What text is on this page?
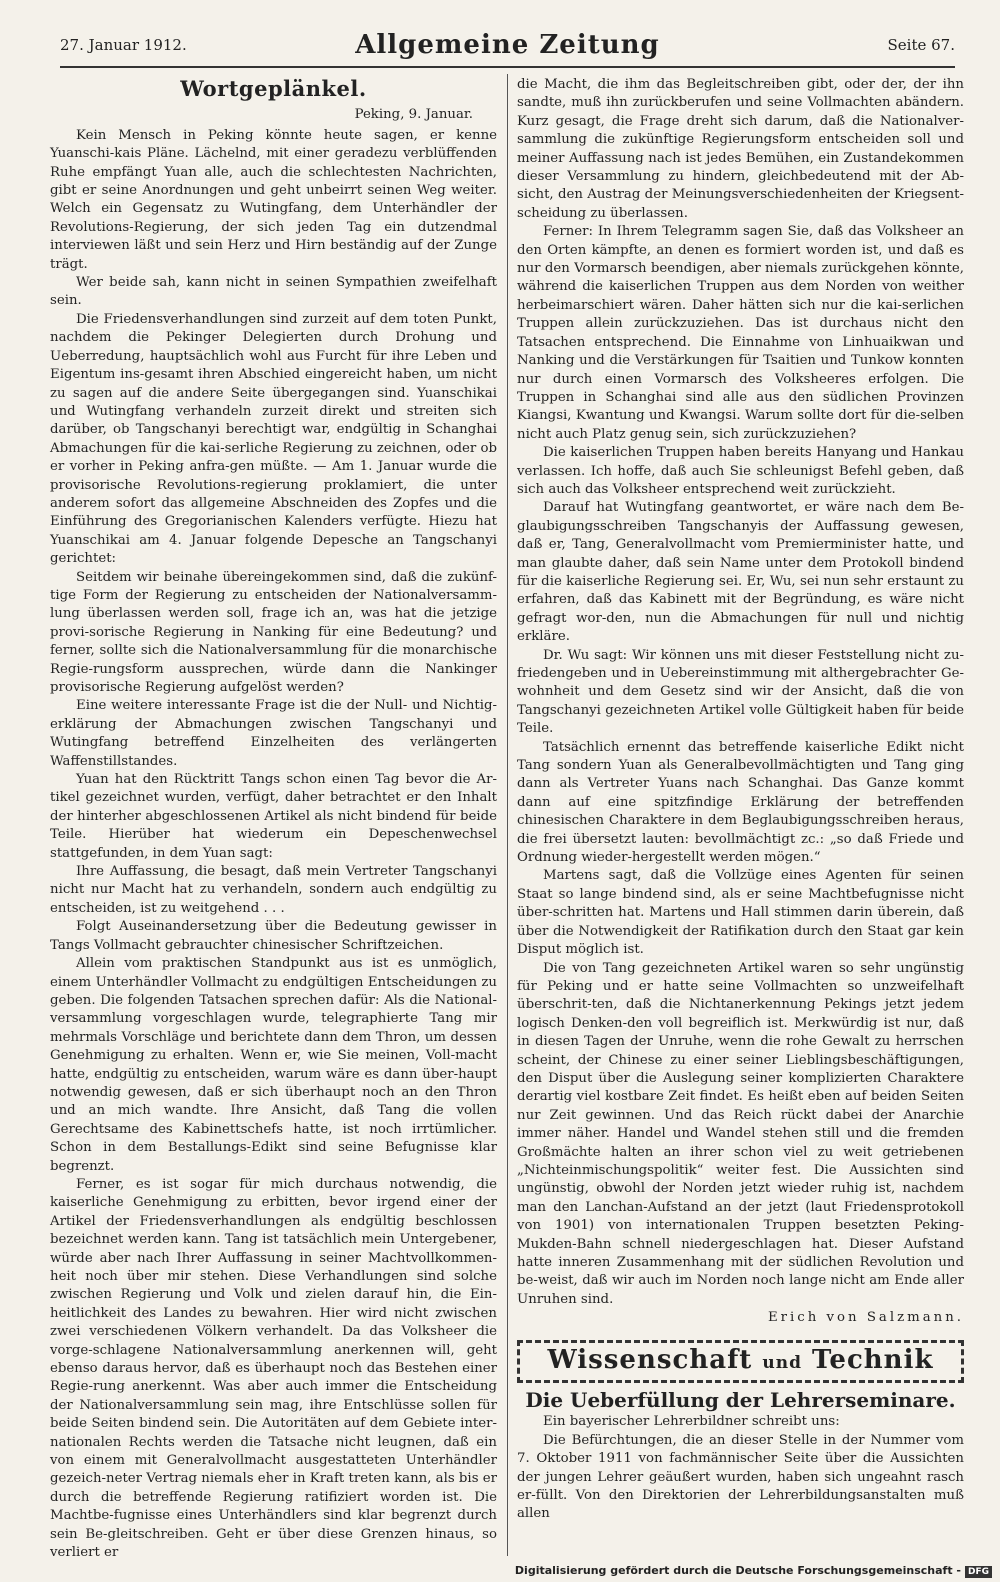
27. Januar 1912.	Allgemeine Zeitung	Seite 67.
Wortgeplänkel.
Peking, 9. Januar.

Kein Mensch in Peking könnte heute sagen, er kenne Yuanschi-kais Pläne. Lächelnd, mit einer geradezu verblüffenden Ruhe empfängt Yuan alle, auch die schlechtesten Nachrichten, gibt er seine Anordnungen und geht unbeirrt seinen Weg weiter. Welch ein Gegensatz zu Wutingfang, dem Unterhändler der Revolutions-Regierung, der sich jeden Tag ein dutzendmal interviewen läßt und sein Herz und Hirn beständig auf der Zunge trägt.

Wer beide sah, kann nicht in seinen Sympathien zweifelhaft sein.

Die Friedensverhandlungen sind zurzeit auf dem toten Punkt, nachdem die Pekinger Delegierten durch Drohung und Ueberredung, hauptsächlich wohl aus Furcht für ihre Leben und Eigentum ins-gesamt ihren Abschied eingereicht haben, um nicht zu sagen auf die andere Seite übergegangen sind. Yuanschikai und Wutingfang verhandeln zurzeit direkt und streiten sich darüber, ob Tangschanyi berechtigt war, endgültig in Schanghai Abmachungen für die kai-serliche Regierung zu zeichnen, oder ob er vorher in Peking anfra-gen müßte. — Am 1. Januar wurde die provisorische Revolutions-regierung proklamiert, die unter anderem sofort das allgemeine Abschneiden des Zopfes und die Einführung des Gregorianischen Kalenders verfügte. Hiezu hat Yuanschikai am 4. Januar folgende Depesche an Tangschanyi gerichtet:

Seitdem wir beinahe übereingekommen sind, daß die zukünf-tige Form der Regierung zu entscheiden der Nationalversamm-lung überlassen werden soll, frage ich an, was hat die jetzige provi-sorische Regierung in Nanking für eine Bedeutung? und ferner, sollte sich die Nationalversammlung für die monarchische Regie-rungsform aussprechen, würde dann die Nankinger provisorische Regierung aufgelöst werden?

Eine weitere interessante Frage ist die der Null- und Nichtig-erklärung der Abmachungen zwischen Tangschanyi und Wutingfang betreffend Einzelheiten des verlängerten Waffenstillstandes.

Yuan hat den Rücktritt Tangs schon einen Tag bevor die Ar-tikel gezeichnet wurden, verfügt, daher betrachtet er den Inhalt der hinterher abgeschlossenen Artikel als nicht bindend für beide Teile. Hierüber hat wiederum ein Depeschenwechsel stattgefunden, in dem Yuan sagt:

Ihre Auffassung, die besagt, daß mein Vertreter Tangschanyi nicht nur Macht hat zu verhandeln, sondern auch endgültig zu entscheiden, ist zu weitgehend . . .

Folgt Auseinandersetzung über die Bedeutung gewisser in Tangs Vollmacht gebrauchter chinesischer Schriftzeichen.

Allein vom praktischen Standpunkt aus ist es unmöglich, einem Unterhändler Vollmacht zu endgültigen Entscheidungen zu geben. Die folgenden Tatsachen sprechen dafür: Als die National-versammlung vorgeschlagen wurde, telegraphierte Tang mir mehrmals Vorschläge und berichtete dann dem Thron, um dessen Genehmigung zu erhalten. Wenn er, wie Sie meinen, Voll-macht hatte, endgültig zu entscheiden, warum wäre es dann über-haupt notwendig gewesen, daß er sich überhaupt noch an den Thron und an mich wandte. Ihre Ansicht, daß Tang die vollen Gerechtsame des Kabinettschefs hatte, ist noch irrtümlicher. Schon in dem Bestallungs-Edikt sind seine Befugnisse klar begrenzt.

Ferner, es ist sogar für mich durchaus notwendig, die kaiserliche Genehmigung zu erbitten, bevor irgend einer der Artikel der Friedensverhandlungen als endgültig beschlossen bezeichnet werden kann. Tang ist tatsächlich mein Untergebener, würde aber nach Ihrer Auffassung in seiner Machtvollkommen-heit noch über mir stehen. Diese Verhandlungen sind solche zwischen Regierung und Volk und zielen darauf hin, die Ein-heitlichkeit des Landes zu bewahren. Hier wird nicht zwischen zwei verschiedenen Völkern verhandelt. Da das Volksheer die vorge-schlagene Nationalversammlung anerkennen will, geht ebenso daraus hervor, daß es überhaupt noch das Bestehen einer Regie-rung anerkennt. Was aber auch immer die Entscheidung der Nationalversammlung sein mag, ihre Entschlüsse sollen für beide Seiten bindend sein. Die Autoritäten auf dem Gebiete inter-nationalen Rechts werden die Tatsache nicht leugnen, daß ein von einem mit Generalvollmacht ausgestatteten Unterhändler gezeich-neter Vertrag niemals eher in Kraft treten kann, als bis er durch die betreffende Regierung ratifiziert worden ist. Die Machtbe-fugnisse eines Unterhändlers sind klar begrenzt durch sein Be-gleitschreiben. Geht er über diese Grenzen hinaus, so verliert er

die Macht, die ihm das Begleitschreiben gibt, oder der, der ihn sandte, muß ihn zurückberufen und seine Vollmachten abändern. Kurz gesagt, die Frage dreht sich darum, daß die Nationalver-sammlung die zukünftige Regierungsform entscheiden soll und meiner Auffassung nach ist jedes Bemühen, ein Zustandekommen dieser Versammlung zu hindern, gleichbedeutend mit der Ab-sicht, den Austrag der Meinungsverschiedenheiten der Kriegsent-scheidung zu überlassen.

Ferner: In Ihrem Telegramm sagen Sie, daß das Volksheer an den Orten kämpfte, an denen es formiert worden ist, und daß es nur den Vormarsch beendigen, aber niemals zurückgehen könnte, während die kaiserlichen Truppen aus dem Norden von weither herbeimarschiert wären. Daher hätten sich nur die kai-serlichen Truppen allein zurückzuziehen. Das ist durchaus nicht den Tatsachen entsprechend. Die Einnahme von Linhuaikwan und Nanking und die Verstärkungen für Tsaitien und Tunkow konnten nur durch einen Vormarsch des Volksheeres erfolgen. Die Truppen in Schanghai sind alle aus den südlichen Provinzen Kiangsi, Kwantung und Kwangsi. Warum sollte dort für die-selben nicht auch Platz genug sein, sich zurückzuziehen?

Die kaiserlichen Truppen haben bereits Hanyang und Hankau verlassen. Ich hoffe, daß auch Sie schleunigst Befehl geben, daß sich auch das Volksheer entsprechend weit zurückzieht.

Darauf hat Wutingfang geantwortet, er wäre nach dem Be-glaubigungsschreiben Tangschanyis der Auffassung gewesen, daß er, Tang, Generalvollmacht vom Premierminister hatte, und man glaubte daher, daß sein Name unter dem Protokoll bindend für die kaiserliche Regierung sei. Er, Wu, sei nun sehr erstaunt zu erfahren, daß das Kabinett mit der Begründung, es wäre nicht gefragt wor-den, nun die Abmachungen für null und nichtig erkläre.

Dr. Wu sagt: Wir können uns mit dieser Feststellung nicht zu-friedengeben und in Uebereinstimmung mit althergebrachter Ge-wohnheit und dem Gesetz sind wir der Ansicht, daß die von Tangschanyi gezeichneten Artikel volle Gültigkeit haben für beide Teile.

Tatsächlich ernennt das betreffende kaiserliche Edikt nicht Tang sondern Yuan als Generalbevollmächtigten und Tang ging dann als Vertreter Yuans nach Schanghai. Das Ganze kommt dann auf eine spitzfindige Erklärung der betreffenden chinesischen Charaktere in dem Beglaubigungsschreiben heraus, die frei übersetzt lauten: bevollmächtigt zc.: „so daß Friede und Ordnung wieder-hergestellt werden mögen.“

Martens sagt, daß die Vollzüge eines Agenten für seinen Staat so lange bindend sind, als er seine Machtbefugnisse nicht über-schritten hat. Martens und Hall stimmen darin überein, daß über die Notwendigkeit der Ratifikation durch den Staat gar kein Disput möglich ist.

Die von Tang gezeichneten Artikel waren so sehr ungünstig für Peking und er hatte seine Vollmachten so unzweifelhaft überschrit-ten, daß die Nichtanerkennung Pekings jetzt jedem logisch Denken-den voll begreiflich ist. Merkwürdig ist nur, daß in diesen Tagen der Unruhe, wenn die rohe Gewalt zu herrschen scheint, der Chinese zu einer seiner Lieblingsbeschäftigungen, den Disput über die Auslegung seiner komplizierten Charaktere derartig viel kostbare Zeit findet. Es heißt eben auf beiden Seiten nur Zeit gewinnen. Und das Reich rückt dabei der Anarchie immer näher. Handel und Wandel stehen still und die fremden Großmächte halten an ihrer schon viel zu weit getriebenen „Nichteinmischungspolitik“ weiter fest. Die Aussichten sind ungünstig, obwohl der Norden jetzt wieder ruhig ist, nachdem man den Lanchan-Aufstand an der jetzt (laut Friedensprotokoll von 1901) von internationalen Truppen besetzten Peking-Mukden-Bahn schnell niedergeschlagen hat. Dieser Aufstand hatte inneren Zusammenhang mit der südlichen Revolution und be-weist, daß wir auch im Norden noch lange nicht am Ende aller Unruhen sind.

Erich von Salzmann.
Wissenschaft und Technik
Die Ueberfüllung der Lehrerseminare.

Ein bayerischer Lehrerbildner schreibt uns:

Die Befürchtungen, die an dieser Stelle in der Nummer vom 7. Oktober 1911 von fachmännischer Seite über die Aussichten der jungen Lehrer geäußert wurden, haben sich ungeahnt rasch er-füllt. Von den Direktorien der Lehrerbildungsanstalten muß allen

Digitalisierung gefördert durch die Deutsche Forschungsgemeinschaft - DFG
